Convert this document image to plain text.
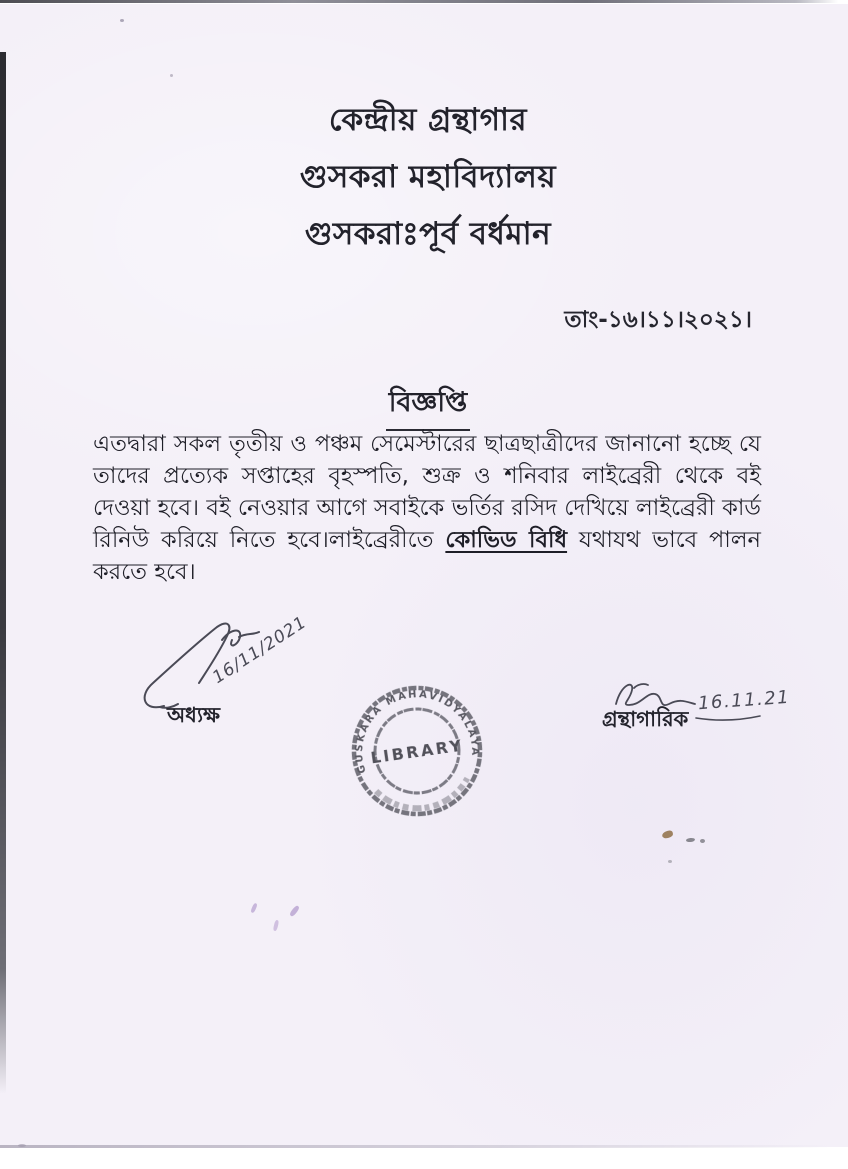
কেন্দ্রীয় গ্রন্থাগার
গুসকরা মহাবিদ্যালয়
গুসকরাঃপূর্ব বর্ধমান
তাং-১৬।১১।২০২১।
বিজ্ঞপ্তি

এতদ্বারা সকল তৃতীয় ও পঞ্চম সেমেস্টারের ছাত্রছাত্রীদের জানানো হচ্ছে যে তাদের প্রত্যেক সপ্তাহের বৃহস্পতি, শুক্র ও শনিবার লাইব্রেরী থেকে বই দেওয়া হবে। বই নেওয়ার আগে সবাইকে ভর্তির রসিদ দেখিয়ে লাইব্রেরী কার্ড রিনিউ করিয়ে নিতে হবে।লাইব্রেরীতে কোভিড বিধি যথাযথ ভাবে পালন করতে হবে।

16/11/2021
অধ্যক্ষ
GUSKARA MAHAVIDYALAYA
LIBRARY
গ্রন্থাগারিক
16.11.21
